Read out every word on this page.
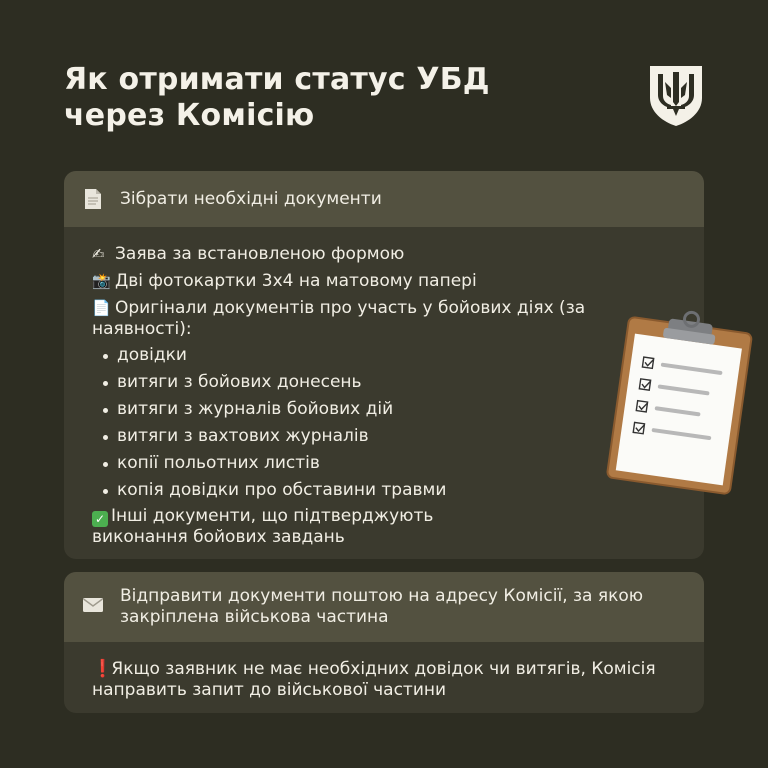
Як отримати статус УБД
через Комісію
Зібрати необхідні документи
✍ Заява за встановленою формою
📸 Дві фотокартки 3х4 на матовому папері
📄 Оригінали документів про участь у бойових діях (за наявності):
довідки
витяги з бойових донесень
витяги з журналів бойових дій
витяги з вахтових журналів
копії польотних листів
копія довідки про обставини травми
✓ Інші документи, що підтверджують виконання бойових завдань
Відправити документи поштою на адресу Комісії, за якою закріплена військова частина
❗ Якщо заявник не має необхідних довідок чи витягів, Комісія направить запит до військової частини
